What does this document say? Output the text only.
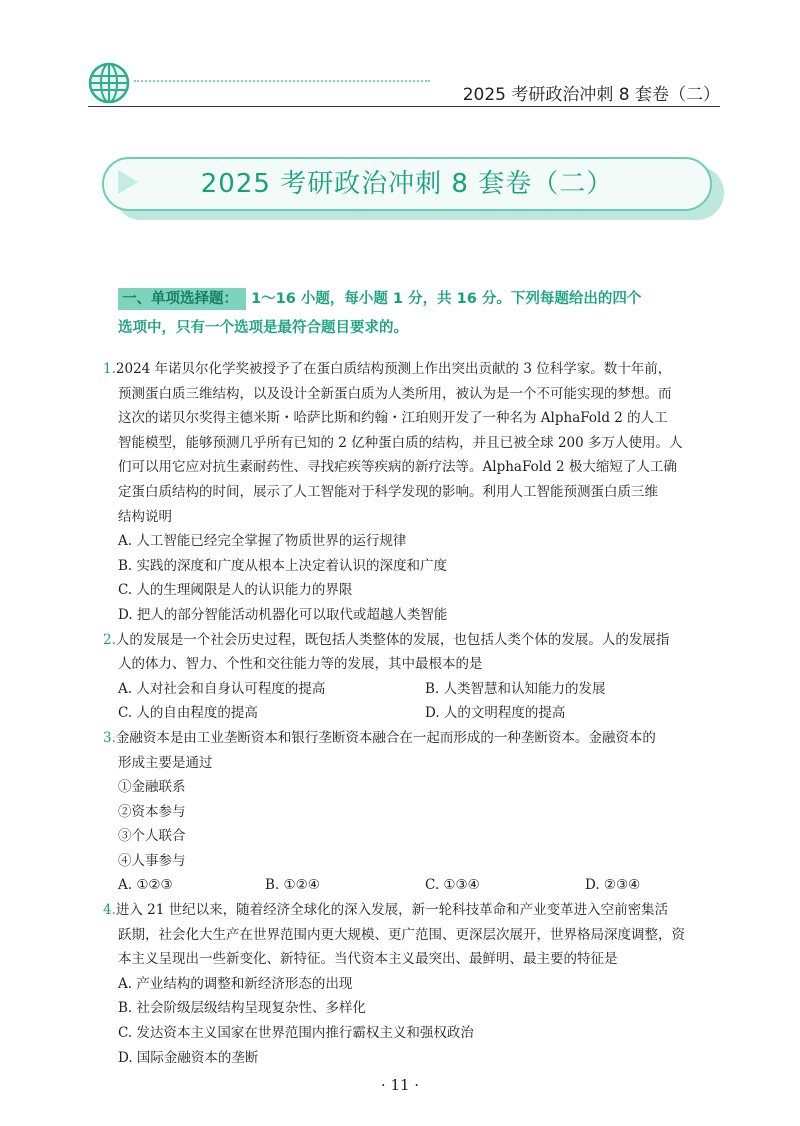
2025 考研政治冲刺 8 套卷（二）
2025 考研政治冲刺 8 套卷（二）
一、单项选择题： 1～16 小题，每小题 1 分，共 16 分。下列每题给出的四个
选项中，只有一个选项是最符合题目要求的。
1.2024 年诺贝尔化学奖被授予了在蛋白质结构预测上作出突出贡献的 3 位科学家。数十年前，
预测蛋白质三维结构，以及设计全新蛋白质为人类所用，被认为是一个不可能实现的梦想。而
这次的诺贝尔奖得主德米斯・哈萨比斯和约翰・江珀则开发了一种名为 AlphaFold 2 的人工
智能模型，能够预测几乎所有已知的 2 亿种蛋白质的结构，并且已被全球 200 多万人使用。人
们可以用它应对抗生素耐药性、寻找疟疾等疾病的新疗法等。AlphaFold 2 极大缩短了人工确
定蛋白质结构的时间，展示了人工智能对于科学发现的影响。利用人工智能预测蛋白质三维
结构说明
A. 人工智能已经完全掌握了物质世界的运行规律
B. 实践的深度和广度从根本上决定着认识的深度和广度
C. 人的生理阈限是人的认识能力的界限
D. 把人的部分智能活动机器化可以取代或超越人类智能
2.人的发展是一个社会历史过程，既包括人类整体的发展，也包括人类个体的发展。人的发展指
人的体力、智力、个性和交往能力等的发展，其中最根本的是
A. 人对社会和自身认可程度的提高	B. 人类智慧和认知能力的发展
C. 人的自由程度的提高	D. 人的文明程度的提高
3.金融资本是由工业垄断资本和银行垄断资本融合在一起而形成的一种垄断资本。金融资本的
形成主要是通过
①金融联系
②资本参与
③个人联合
④人事参与
A. ①②③	B. ①②④	C. ①③④	D. ②③④
4.进入 21 世纪以来，随着经济全球化的深入发展，新一轮科技革命和产业变革进入空前密集活
跃期，社会化大生产在世界范围内更大规模、更广范围、更深层次展开，世界格局深度调整，资
本主义呈现出一些新变化、新特征。当代资本主义最突出、最鲜明、最主要的特征是
A. 产业结构的调整和新经济形态的出现
B. 社会阶级层级结构呈现复杂性、多样化
C. 发达资本主义国家在世界范围内推行霸权主义和强权政治
D. 国际金融资本的垄断
· 11 ·
